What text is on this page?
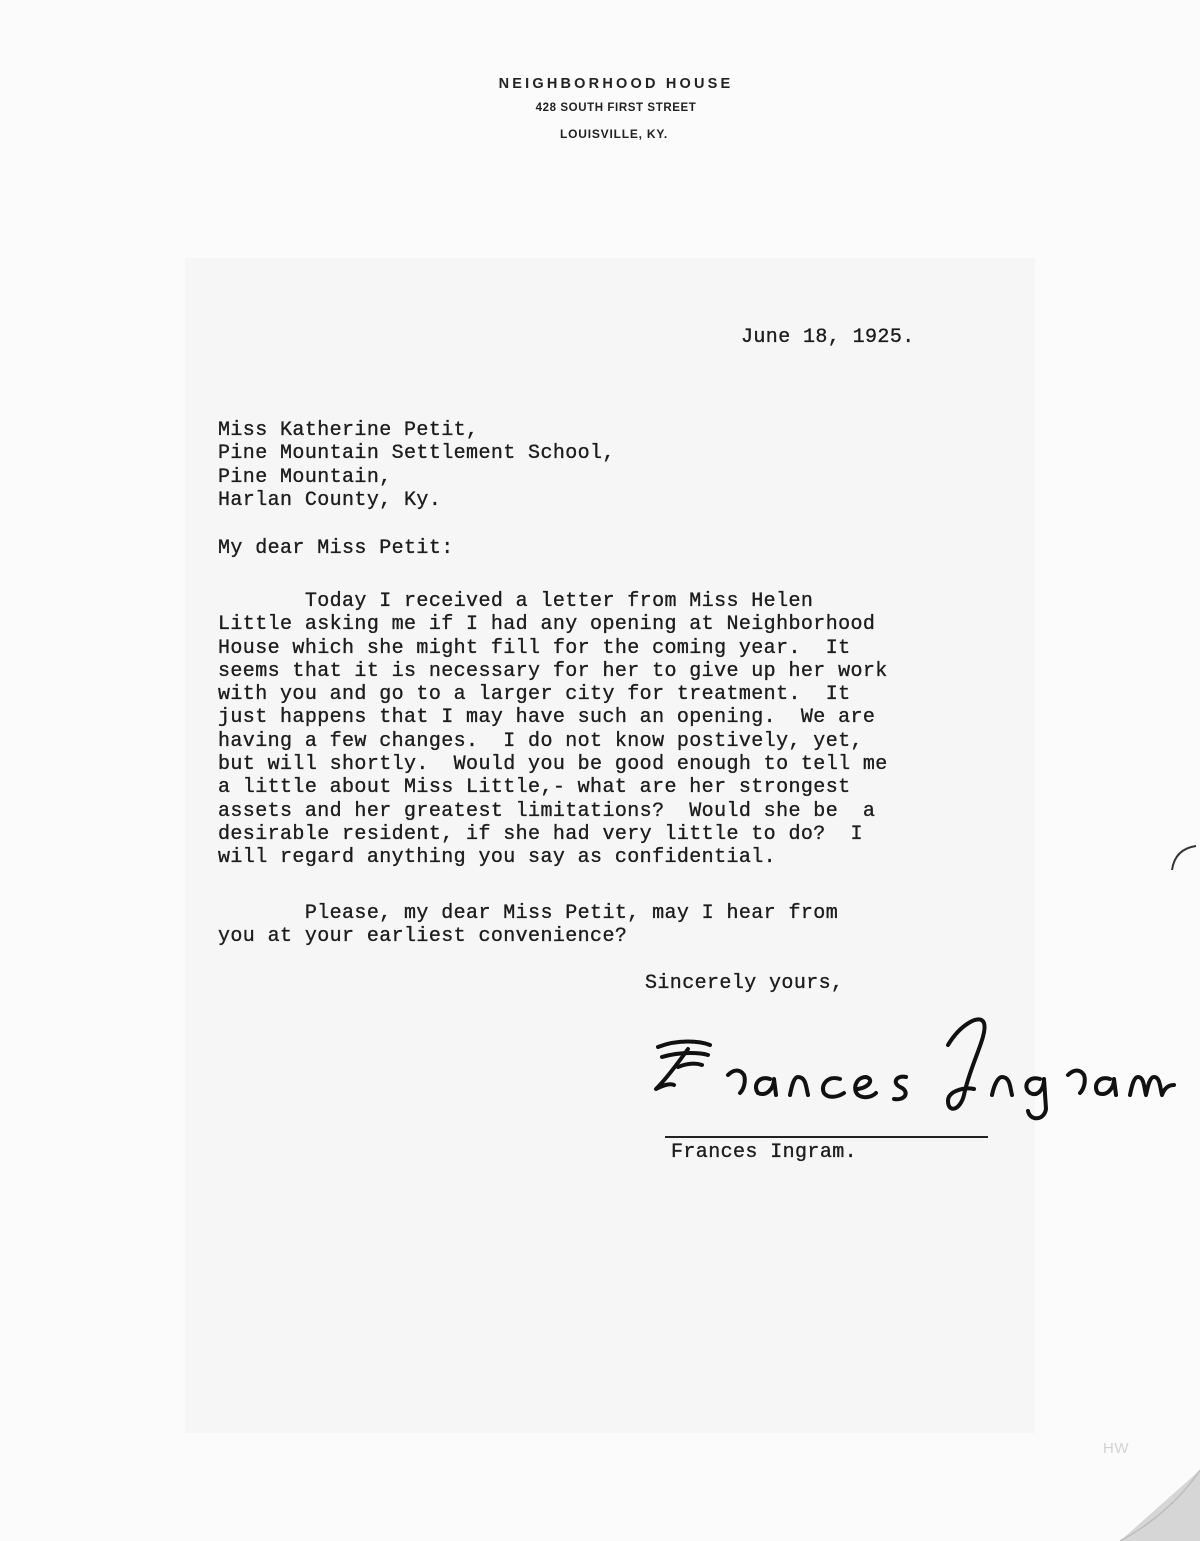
NEIGHBORHOOD HOUSE
428 SOUTH FIRST STREET
LOUISVILLE, KY.
June 18, 1925.
Miss Katherine Petit,
Pine Mountain Settlement School,
Pine Mountain,
Harlan County, Ky.
My dear Miss Petit:
Today I received a letter from Miss Helen
Little asking me if I had any opening at Neighborhood
House which she might fill for the coming year.  It
seems that it is necessary for her to give up her work
with you and go to a larger city for treatment.  It
just happens that I may have such an opening.  We are
having a few changes.  I do not know postively, yet,
but will shortly.  Would you be good enough to tell me
a little about Miss Little,- what are her strongest
assets and her greatest limitations?  Would she be  a
desirable resident, if she had very little to do?  I
will regard anything you say as confidential.
Please, my dear Miss Petit, may I hear from
you at your earliest convenience?
Sincerely yours,
Frances Ingram.
HW
